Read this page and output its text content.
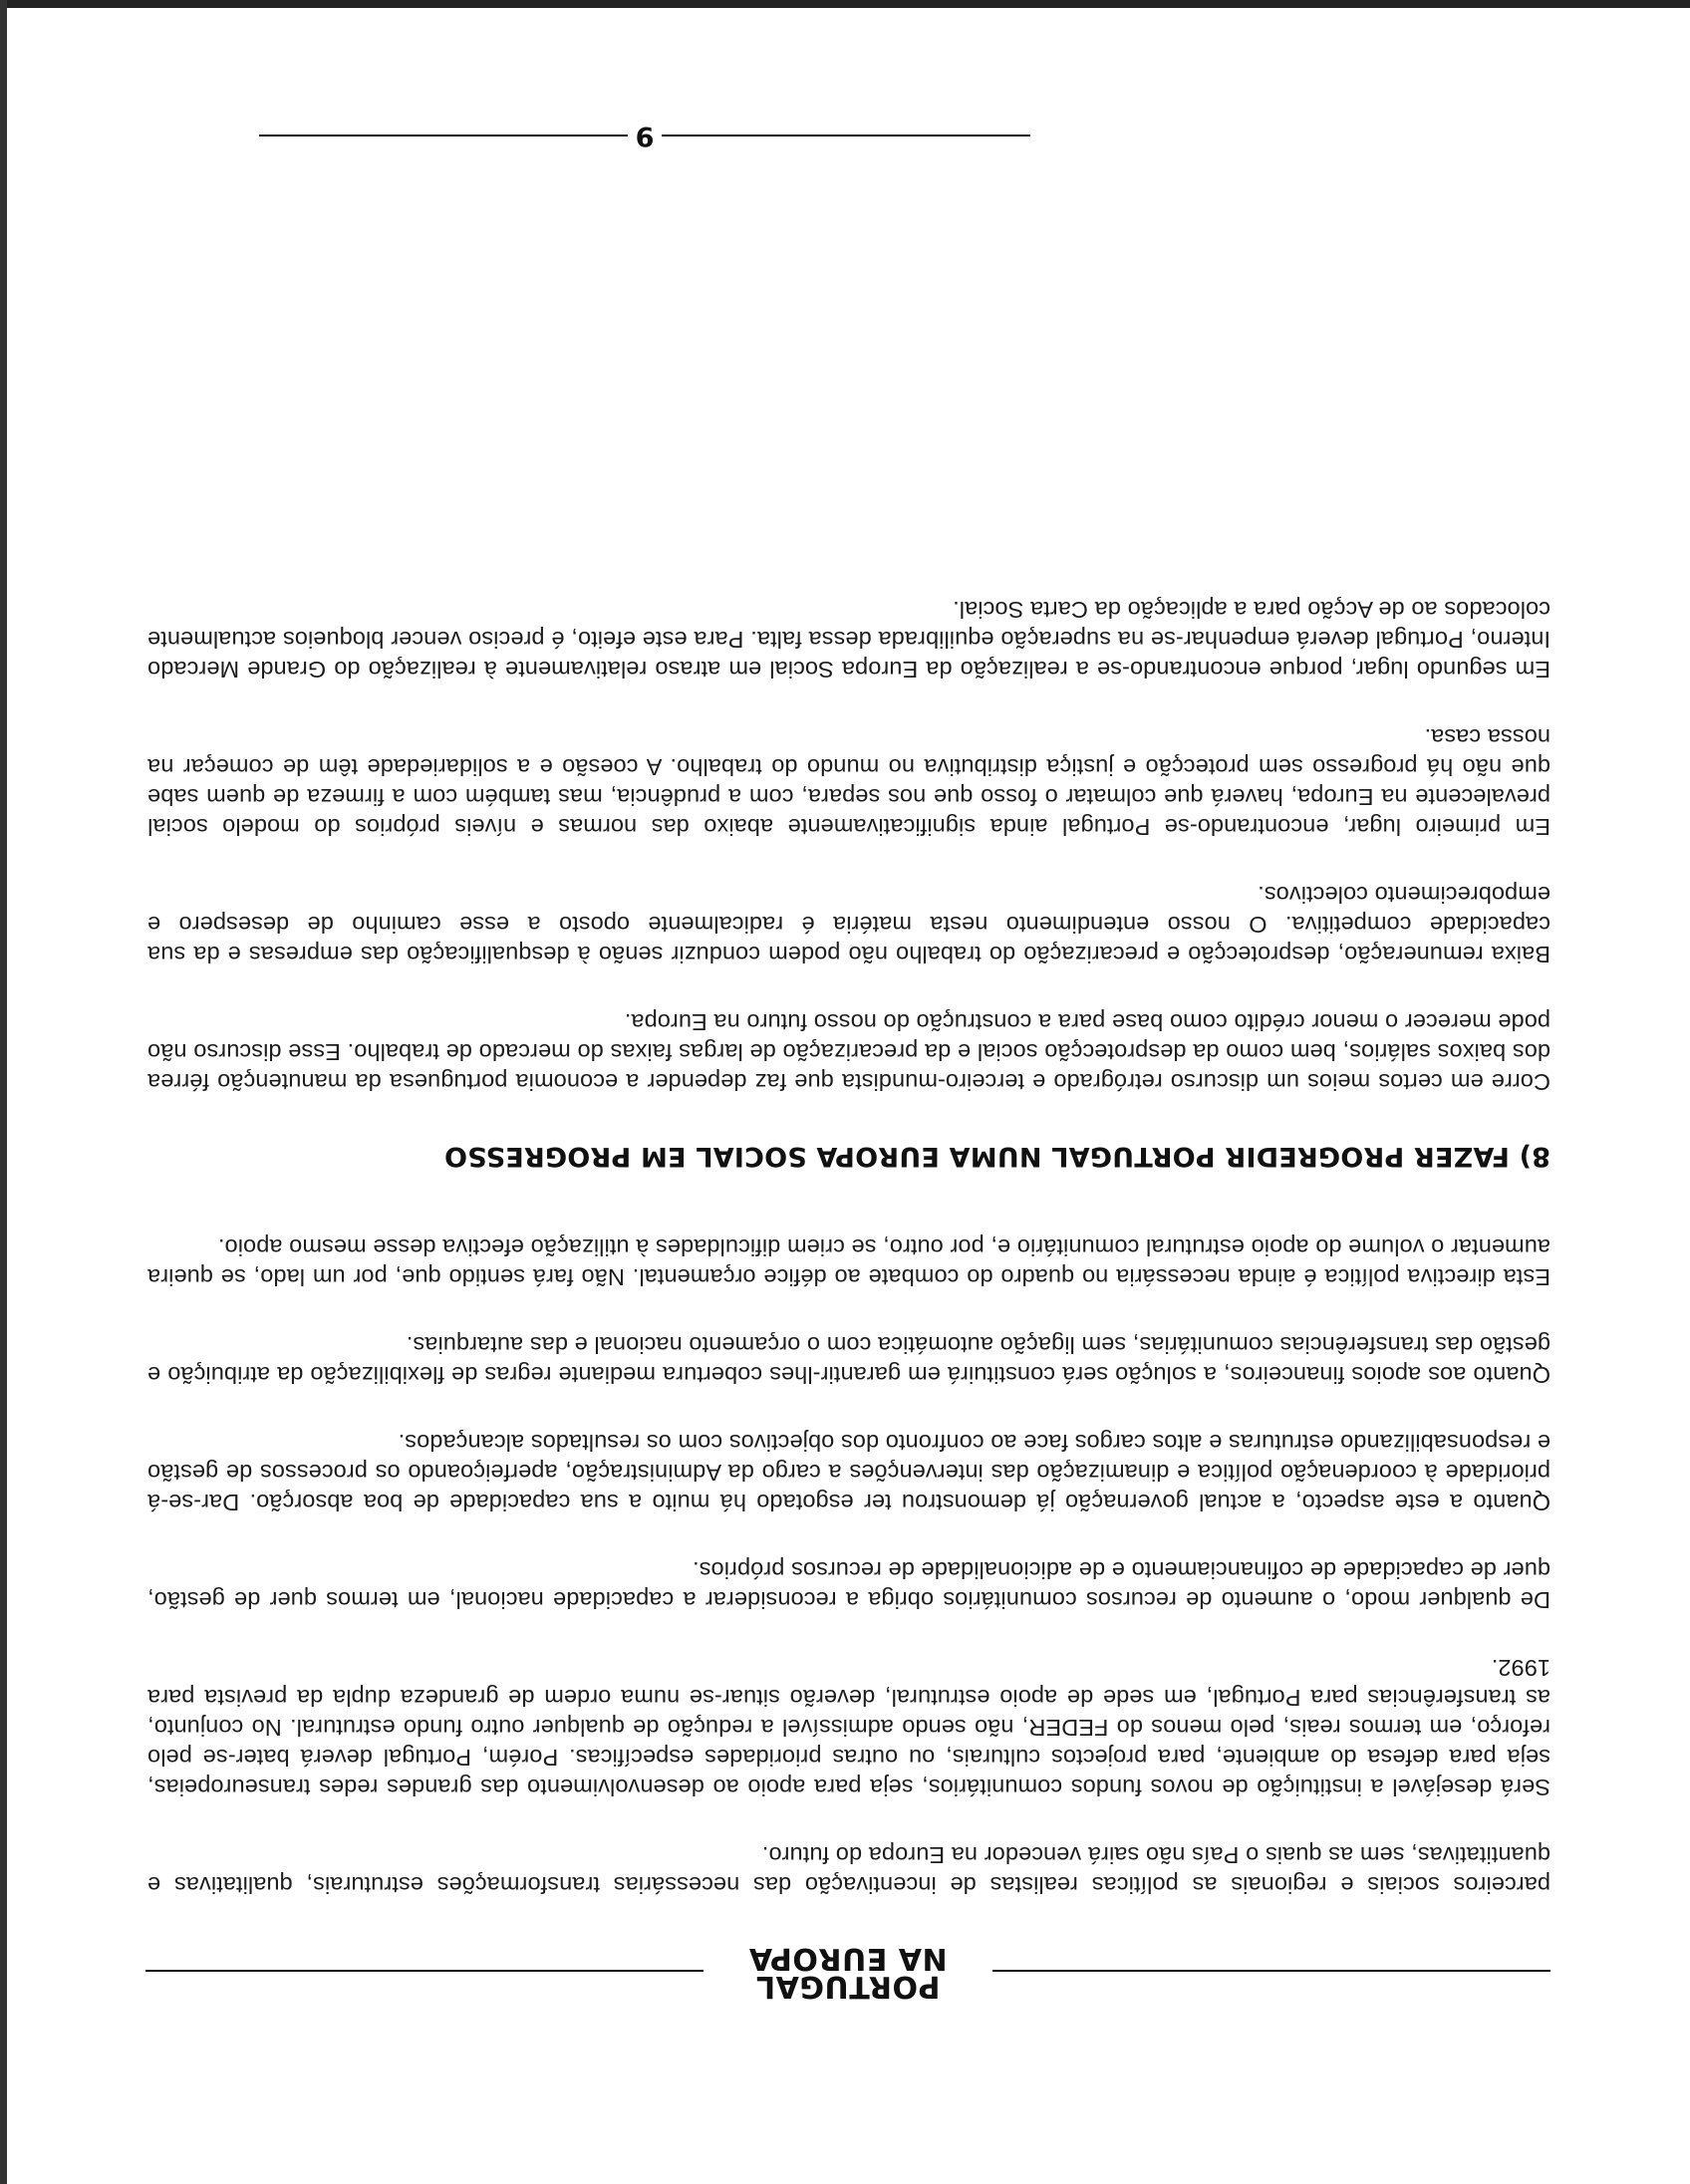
PORTUGAL
NA EUROPA

parceiros sociais e regionais as políticas realistas de incentivação das necessárias transformações estruturais, qualitativas e quantitativas, sem as quais o País não sairá vencedor na Europa do futuro.

Será desejável a instituição de novos fundos comunitários, seja para apoio ao desenvolvimento das grandes redes transeuropeias, seja para defesa do ambiente, para projectos culturais, ou outras prioridades específicas. Porém, Portugal deverá bater-se pelo reforço, em termos reais, pelo menos do FEDER, não sendo admissível a redução de qualquer outro fundo estrutural. No conjunto, as transferências para Portugal, em sede de apoio estrutural, deverão situar-se numa ordem de grandeza dupla da prevista para 1992.

De qualquer modo, o aumento de recursos comunitários obriga a reconsiderar a capacidade nacional, em termos quer de gestão, quer de capacidade de cofinanciamento e de adicionalidade de recursos próprios.

Quanto a este aspecto, a actual governação já demonstrou ter esgotado há muito a sua capacidade de boa absorção. Dar-se-á prioridade à coordenação política e dinamização das intervenções a cargo da Administração, aperfeiçoando os processos de gestão e responsabilizando estruturas e altos cargos face ao confronto dos objectivos com os resultados alcançados.

Quanto aos apoios financeiros, a solução será constituirá em garantir-lhes cobertura mediante regras de flexibilização da atribuição e gestão das transferências comunitárias, sem ligação automática com o orçamento nacional e das autarquias.

Esta directiva política é ainda necessária no quadro do combate ao défice orçamental. Não fará sentido que, por um lado, se queira aumentar o volume do apoio estrutural comunitário e, por outro, se criem dificuldades à utilização efectiva desse mesmo apoio.

8) FAZER PROGREDIR PORTUGAL NUMA EUROPA SOCIAL EM PROGRESSO

Corre em certos meios um discurso retrógrado e terceiro-mundista que faz depender a economia portuguesa da manutenção férrea dos baixos salários, bem como da desprotecção social e da precarização de largas faixas do mercado de trabalho. Esse discurso não pode merecer o menor crédito como base para a construção do nosso futuro na Europa.

Baixa remuneração, desprotecção e precarização do trabalho não podem conduzir senão à desqualificação das empresas e da sua capacidade competitiva. O nosso entendimento nesta matéria é radicalmente oposto a esse caminho de desespero e empobrecimento colectivos.

Em primeiro lugar, encontrando-se Portugal ainda significativamente abaixo das normas e níveis próprios do modelo social prevalecente na Europa, haverá que colmatar o fosso que nos separa, com a prudência, mas também com a firmeza de quem sabe que não há progresso sem protecção e justiça distributiva no mundo do trabalho. A coesão e a solidariedade têm de começar na nossa casa.

Em segundo lugar, porque encontrando-se a realização da Europa Social em atraso relativamente à realização do Grande Mercado Interno, Portugal deverá empenhar-se na superação equilibrada dessa falta. Para este efeito, é preciso vencer bloqueios actualmente colocados ao de Acção para a aplicação da Carta Social.

9
